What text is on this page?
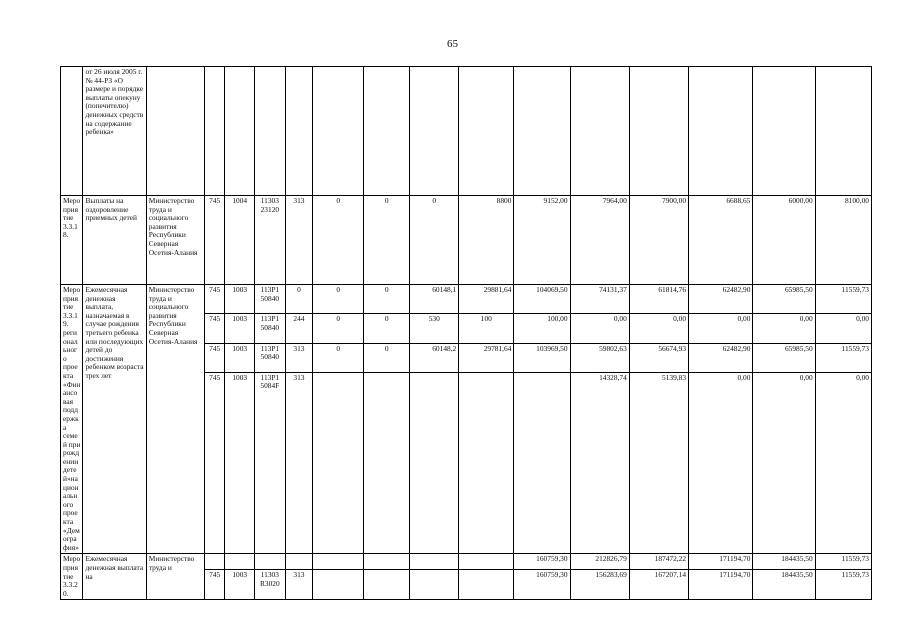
65
	от 26 июля 2005 г. № 44-РЗ «О размере и порядке выплаты опекуну (попечителю) денежных средств на содержание ребенка»															
Мероприятие 3.3.18.	Выплаты на оздоровление приемных детей	Министерство труда и социального развития Республики Северная Осетия-Алания	745	1004	11303 23120	313	0	0	0	8800	9152,00	7964,00	7900,00	6688,65	6000,00	8100,00
Мероприятие 3.3.19. регионального проекта «Финансовая поддержка семей при рождении детей»национального проекта «Демография»	Ежемесячная денежная выплата, назначаемая в случае рождения третьего ребенка или последующих детей до достижения ребенком возраста трех лет	Министерство труда и социального развития Республики Северная Осетия-Алания	745	1003	113Р1 50840	0	0	0	60148,1	29881,64	104069,50	74131,37	61814,76	62482,90	65985,50	11559,73
			745	1003	113Р1 50840	244	0	0	530	100	100,00	0,00	0,00	0,00	0,00	0,00
			745	1003	113Р1 50840	313	0	0	60148,2	29781,64	103969,50	59802,63	56674,93	62482,90	65985,50	11559,73
			745	1003	113Р1 5084F	313						14328,74	5139,83	0,00	0,00	0,00
Мероприятие 3.3.20.	Ежемесячная денежная выплата на	Министерство труда и									160759,30	212826,79	187472,22	171194,70	184435,50	11559,73
			745	1003	11303 R3020	313					160759,30	156283,69	167207,14	171194,70	184435,50	11559,73
